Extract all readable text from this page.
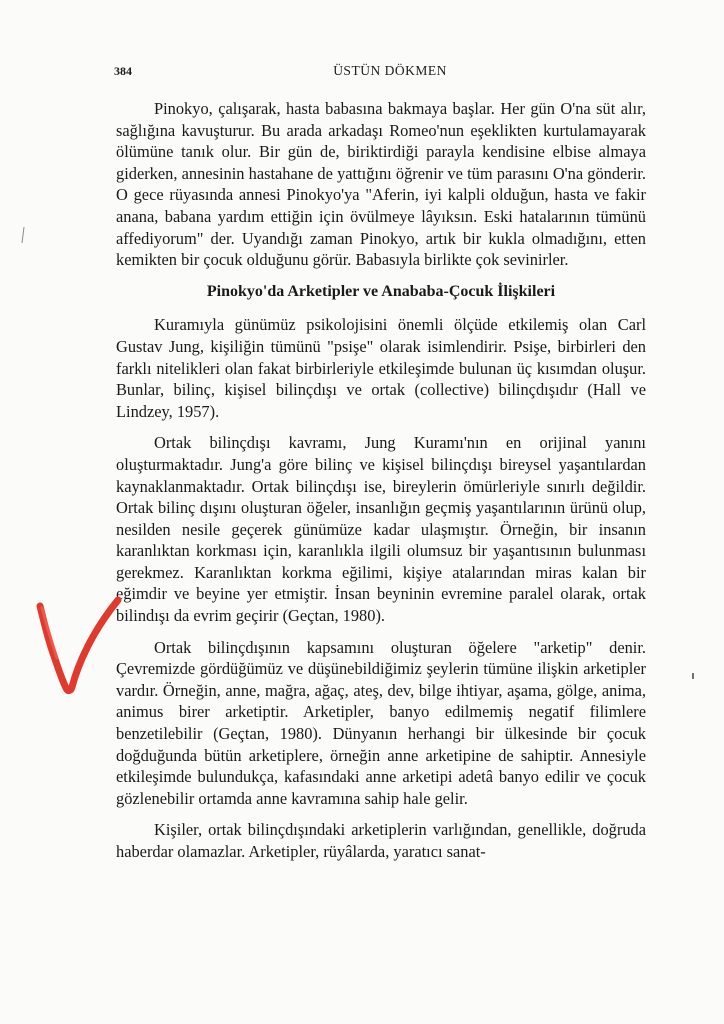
384	ÜSTÜN DÖKMEN

Pinokyo, çalışarak, hasta babasına bakmaya başlar. Her gün O'na süt alır, sağlığına kavuşturur. Bu arada arkadaşı Romeo'nun eşeklikten kurtulamayarak ölümüne tanık olur. Bir gün de, biriktirdiği parayla kendisine elbise almaya giderken, annesinin hastahane de yattığını öğrenir ve tüm parasını O'na gönderir. O gece rüyasında annesi Pinokyo'ya "Aferin, iyi kalpli olduğun, hasta ve fakir anana, babana yardım ettiğin için övülmeye lâyıksın. Eski hatalarının tümünü affediyorum" der. Uyandığı zaman Pinokyo, artık bir kukla olmadığını, etten kemikten bir çocuk olduğunu görür. Babasıyla birlikte çok sevinirler.

Pinokyo'da Arketipler ve Anababa-Çocuk İlişkileri

Kuramıyla günümüz psikolojisini önemli ölçüde etkilemiş olan Carl Gustav Jung, kişiliğin tümünü "psişe" olarak isimlendirir. Psişe, birbirleri den farklı nitelikleri olan fakat birbirleriyle etkileşimde bulunan üç kısımdan oluşur. Bunlar, bilinç, kişisel bilinçdışı ve ortak (collective) bilinçdışıdır (Hall ve Lindzey, 1957).

Ortak bilinçdışı kavramı, Jung Kuramı'nın en orijinal yanını oluşturmaktadır. Jung'a göre bilinç ve kişisel bilinçdışı bireysel yaşantılardan kaynaklanmaktadır. Ortak bilinçdışı ise, bireylerin ömürleriyle sınırlı değildir. Ortak bilinç dışını oluşturan öğeler, insanlığın geçmiş yaşantılarının ürünü olup, nesilden nesile geçerek günümüze kadar ulaşmıştır. Örneğin, bir insanın karanlıktan korkması için, karanlıkla ilgili olumsuz bir yaşantısının bulunması gerekmez. Karanlıktan korkma eğilimi, kişiye atalarından miras kalan bir eğimdir ve beyine yer etmiştir. İnsan beyninin evremine paralel olarak, ortak bilindışı da evrim geçirir (Geçtan, 1980).

Ortak bilinçdışının kapsamını oluşturan öğelere "arketip" denir. Çevremizde gördüğümüz ve düşünebildiğimiz şeylerin tümüne ilişkin arketipler vardır. Örneğin, anne, mağra, ağaç, ateş, dev, bilge ihtiyar, aşama, gölge, anima, animus birer arketiptir. Arketipler, banyo edilmemiş negatif filimlere benzetilebilir (Geçtan, 1980). Dünyanın herhangi bir ülkesinde bir çocuk doğduğunda bütün arketiplere, örneğin anne arketipine de sahiptir. Annesiyle etkileşimde bulundukça, kafasındaki anne arketipi adetâ banyo edilir ve çocuk gözlenebilir ortamda anne kavramına sahip hale gelir.

Kişiler, ortak bilinçdışındaki arketiplerin varlığından, genellikle, doğruda haberdar olamazlar. Arketipler, rüyâlarda, yaratıcı sanat-
